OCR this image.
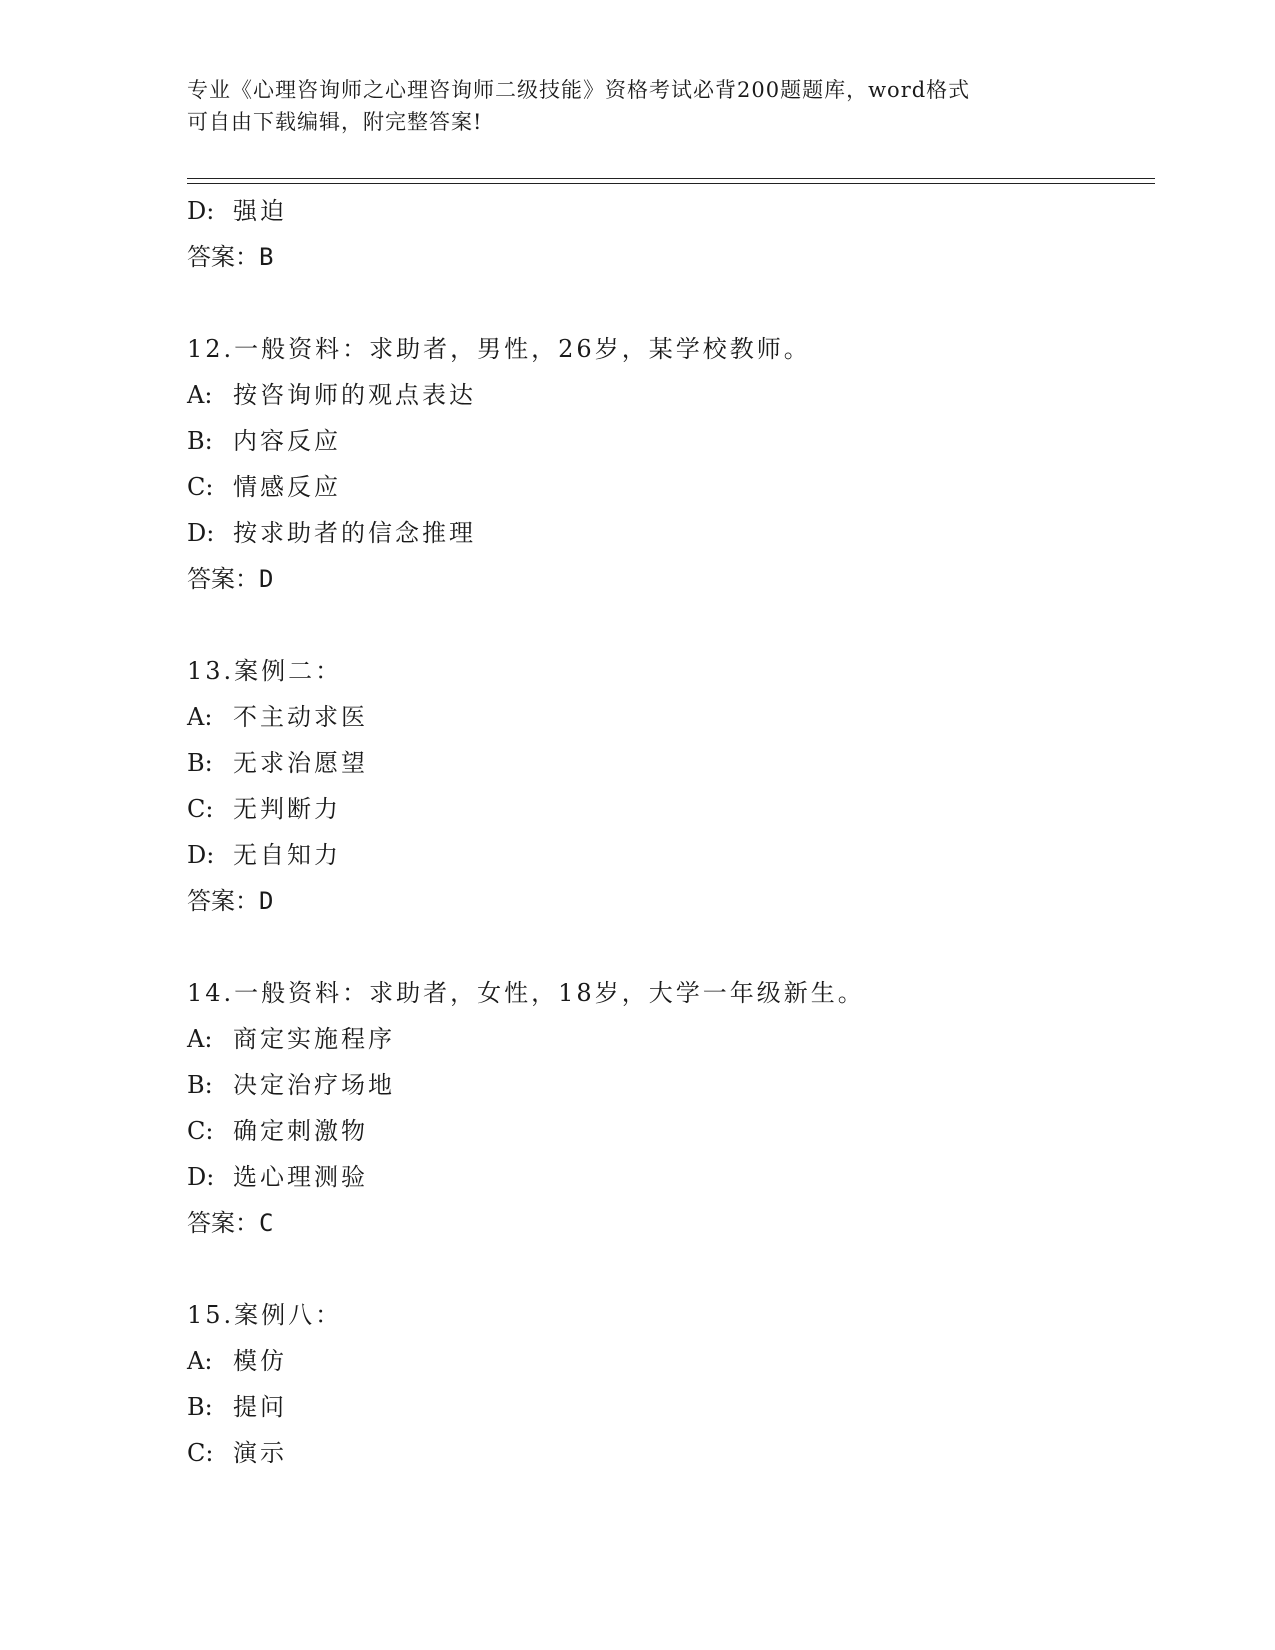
专业《心理咨询师之心理咨询师二级技能》资格考试必背200题题库，word格式
可自由下载编辑，附完整答案!
D: 强迫
答案：B
12.一般资料：求助者，男性，26岁，某学校教师。
A: 按咨询师的观点表达
B: 内容反应
C: 情感反应
D: 按求助者的信念推理
答案：D
13.案例二：
A: 不主动求医
B: 无求治愿望
C: 无判断力
D: 无自知力
答案：D
14.一般资料：求助者，女性，18岁，大学一年级新生。
A: 商定实施程序
B: 决定治疗场地
C: 确定刺激物
D: 选心理测验
答案：C
15.案例八：
A: 模仿
B: 提问
C: 演示
